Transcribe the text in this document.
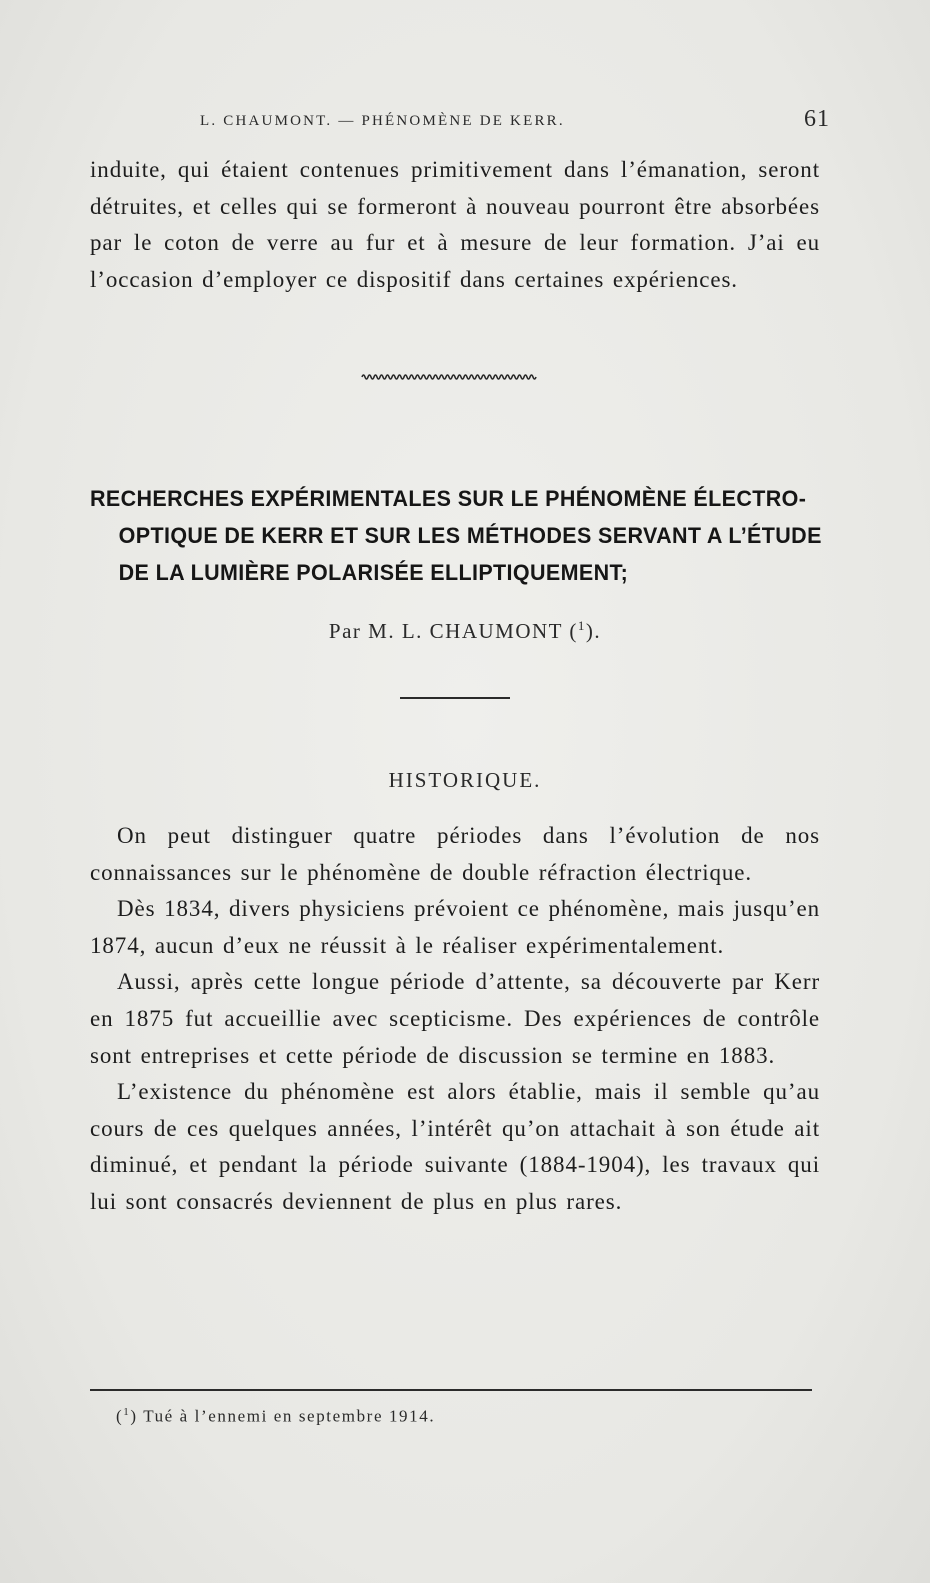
L. CHAUMONT. — PHÉNOMÈNE DE KERR.	61

induite, qui étaient contenues primitivement dans l’émanation, seront détruites, et celles qui se formeront à nouveau pourront être absorbées par le coton de verre au fur et à mesure de leur formation. J’ai eu l’occasion d’employer ce dispositif dans certaines expériences.

RECHERCHES EXPÉRIMENTALES SUR LE PHÉNOMÈNE ÉLECTRO-
OPTIQUE DE KERR ET SUR LES MÉTHODES SERVANT A L’ÉTUDE
DE LA LUMIÈRE POLARISÉE ELLIPTIQUEMENT;
Par M. L. CHAUMONT ($^1$).
HISTORIQUE.

On peut distinguer quatre périodes dans l’évolution de nos connaissances sur le phénomène de double réfraction électrique.

Dès 1834, divers physiciens prévoient ce phénomène, mais jusqu’en 1874, aucun d’eux ne réussit à le réaliser expérimentalement.

Aussi, après cette longue période d’attente, sa découverte par Kerr en 1875 fut accueillie avec scepticisme. Des expériences de contrôle sont entreprises et cette période de discussion se termine en 1883.

L’existence du phénomène est alors établie, mais il semble qu’au cours de ces quelques années, l’intérêt qu’on attachait à son étude ait diminué, et pendant la période suivante (1884-1904), les travaux qui lui sont consacrés deviennent de plus en plus rares.

($^1$) Tué à l’ennemi en septembre 1914.
